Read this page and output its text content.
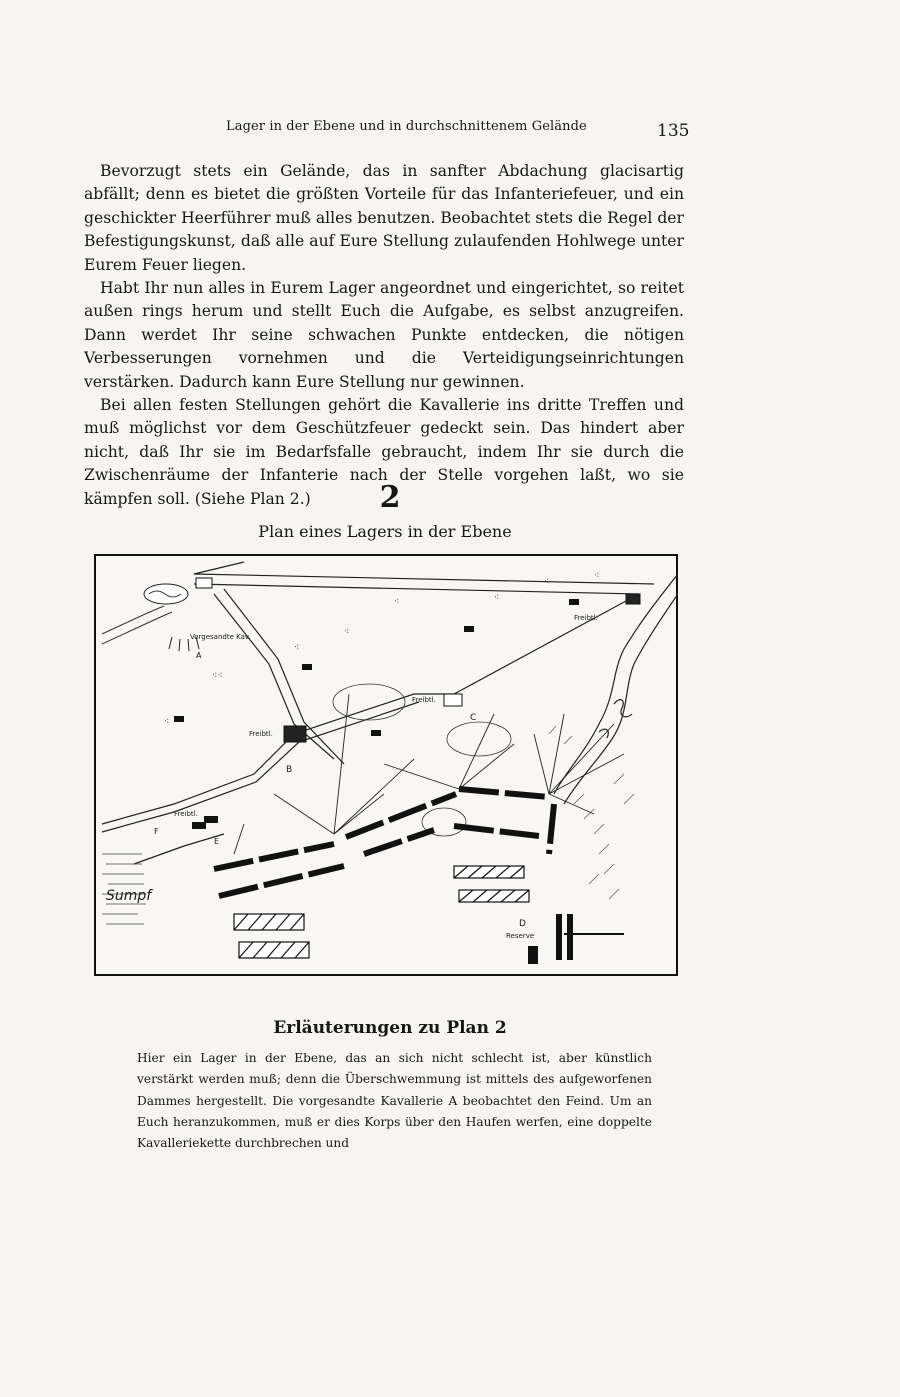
Lager in der Ebene und in durchschnittenem Gelände	135

Bevorzugt stets ein Gelände, das in sanfter Abdachung glacisartig abfällt; denn es bietet die größten Vorteile für das Infanteriefeuer, und ein geschickter Heerführer muß alles benutzen. Beobachtet stets die Regel der Befestigungskunst, daß alle auf Eure Stellung zulaufenden Hohlwege unter Eurem Feuer liegen.

Habt Ihr nun alles in Eurem Lager angeordnet und eingerichtet, so reitet außen rings herum und stellt Euch die Aufgabe, es selbst anzugreifen. Dann werdet Ihr seine schwachen Punkte entdecken, die nötigen Verbesserungen vornehmen und die Verteidigungseinrichtungen verstärken. Dadurch kann Eure Stellung nur gewinnen.

Bei allen festen Stellungen gehört die Kavallerie ins dritte Treffen und muß möglichst vor dem Geschützfeuer gedeckt sein. Das hindert aber nicht, daß Ihr sie im Bedarfsfalle gebraucht, indem Ihr sie durch die Zwischenräume der Infanterie nach der Stelle vorgehen laßt, wo sie kämpfen soll. (Siehe Plan 2.)	2
Plan eines Lagers in der Ebene
⁖⁖
⁖
⁖
⁖	⁖
⁖
⁖
⁖
Vorgesandte Kav.
A
B
C
D
E
F
Freibtl.
Freibtl.
Freibtl.
Freibtl.
Sumpf
Reserve
Erläuterungen zu Plan 2

Hier ein Lager in der Ebene, das an sich nicht schlecht ist, aber künstlich verstärkt werden muß; denn die Überschwemmung ist mittels des aufgeworfenen Dammes hergestellt. Die vorgesandte Kavallerie A beobachtet den Feind. Um an Euch heranzukommen, muß er dies Korps über den Haufen werfen, eine doppelte Kavalleriekette durchbrechen und
